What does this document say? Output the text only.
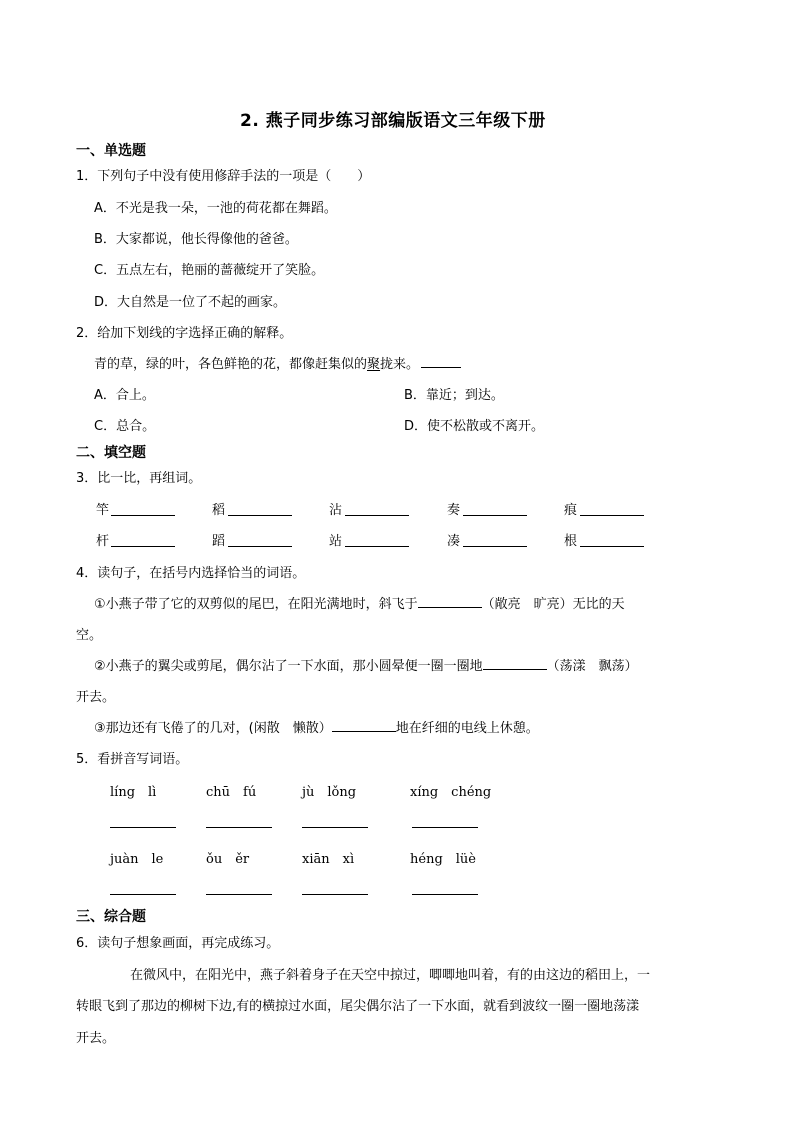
2. 燕子同步练习部编版语文三年级下册
一、单选题
1．下列句子中没有使用修辞手法的一项是（　　）
A．不光是我一朵，一池的荷花都在舞蹈。
B．大家都说，他长得像他的爸爸。
C．五点左右，艳丽的蔷薇绽开了笑脸。
D．大自然是一位了不起的画家。
2．给加下划线的字选择正确的解释。
青的草，绿的叶，各色鲜艳的花，都像赶集似的聚拢来。
A．合上。	B．靠近；到达。
C．总合。	D．使不松散或不离开。
二、填空题
3．比一比，再组词。
竿	稻	沾	奏	痕
杆	蹈	站	凑	根
4．读句子，在括号内选择恰当的词语。
①小燕子带了它的双剪似的尾巴，在阳光满地时，斜飞于	（敞亮　旷亮）无比的天
空。
②小燕子的翼尖或剪尾，偶尔沾了一下水面，那小圆晕便一圈一圈地	（荡漾　飘荡）
开去。
③那边还有飞倦了的几对，(闲散　懒散）	地在纤细的电线上休憩。
5．看拼音写词语。
líng　lì	chū　fú	jù　lǒng	xíng　chéng
juàn　le	ǒu　ěr	xiān　xì	héng　lüè
三、综合题
6．读句子想象画面，再完成练习。
在微风中，在阳光中，燕子斜着身子在天空中掠过，唧唧地叫着，有的由这边的稻田上，一
转眼飞到了那边的柳树下边,有的横掠过水面，尾尖偶尔沾了一下水面，就看到波纹一圈一圈地荡漾
开去。
